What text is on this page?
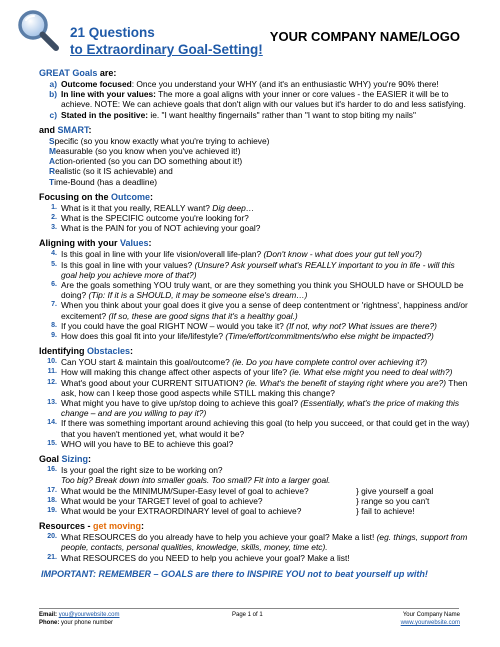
21 Questions
to Extraordinary Goal-Setting!
YOUR COMPANY NAME/LOGO
GREAT Goals are:
a) Outcome focused: Once you understand your WHY (and it's an enthusiastic WHY) you're 90% there!
b) In line with your values: The more a goal aligns with your inner or core values - the EASIER it will be to achieve. NOTE: We can achieve goals that don't align with our values but it's harder to do and less satisfying.
c) Stated in the positive: ie. "I want healthy fingernails" rather than "I want to stop biting my nails"
and SMART:
Specific (so you know exactly what you're trying to achieve)
Measurable (so you know when you've achieved it!)
Action-oriented (so you can DO something about it!)
Realistic (so it IS achievable) and
Time-Bound (has a deadline)
Focusing on the Outcome:
1. What is it that you really, REALLY want? Dig deep…
2. What is the SPECIFIC outcome you're looking for?
3. What is the PAIN for you of NOT achieving your goal?
Aligning with your Values:
4. Is this goal in line with your life vision/overall life-plan? (Don't know - what does your gut tell you?)
5. Is this goal in line with your values? (Unsure? Ask yourself what's REALLY important to you in life - will this goal help you achieve more of that?)
6. Are the goals something YOU truly want, or are they something you think you SHOULD have or SHOULD be doing? (Tip: If it is a SHOULD, it may be someone else's dream…)
7. When you think about your goal does it give you a sense of deep contentment or 'rightness', happiness and/or excitement? (If so, these are good signs that it's a healthy goal.)
8. If you could have the goal RIGHT NOW – would you take it? (If not, why not? What issues are there?)
9. How does this goal fit into your life/lifestyle? (Time/effort/commitments/who else might be impacted?)
Identifying Obstacles:
10. Can YOU start & maintain this goal/outcome? (ie. Do you have complete control over achieving it?)
11. How will making this change affect other aspects of your life? (ie. What else might you need to deal with?)
12. What's good about your CURRENT SITUATION? (ie. What's the benefit of staying right where you are?) Then ask, how can I keep those good aspects while STILL making this change?
13. What might you have to give up/stop doing to achieve this goal? (Essentially, what's the price of making this change – and are you willing to pay it?)
14. If there was something important around achieving this goal (to help you succeed, or that could get in the way) that you haven't mentioned yet, what would it be?
15. WHO will you have to BE to achieve this goal?
Goal Sizing:
16. Is your goal the right size to be working on?
Too big? Break down into smaller goals. Too small? Fit into a larger goal.
17. What would be the MINIMUM/Super-Easy level of goal to achieve?	} give yourself a goal
18. What would be your TARGET level of goal to achieve?	} range so you can't
19. What would be your EXTRAORDINARY level of goal to achieve?	} fail to achieve!
Resources - get moving:
20. What RESOURCES do you already have to help you achieve your goal? Make a list! (eg. things, support from people, contacts, personal qualities, knowledge, skills, money, time etc).
21. What RESOURCES do you NEED to help you achieve your goal? Make a list!
IMPORTANT: REMEMBER – GOALS are there to INSPIRE YOU not to beat yourself up with!
Email: you@yourwebsite.com
Phone: your phone number
Page 1 of 1	Your Company Name
www.yourwebsite.com
